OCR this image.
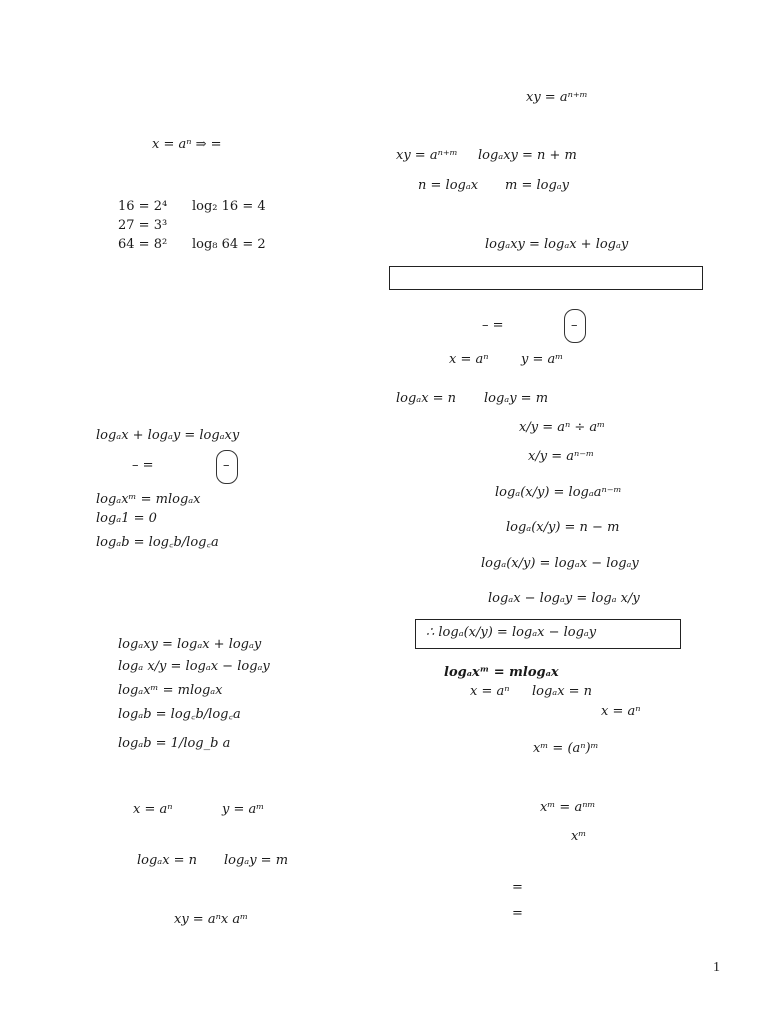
x = aⁿ ⇒ =
16 = 2⁴ log₂ 16 = 4
27 = 3³
64 = 8² log₈ 64 = 2
logₐx + logₐy = logₐxy
– =	–
logₐxᵐ = mlogₐx
logₐ1 = 0
logₐb = log꜀b/log꜀a
logₐxy = logₐx + logₐy
logₐ x/y = logₐx − logₐy
logₐxᵐ = mlogₐx
logₐb = log꜀b/log꜀a
logₐb = 1/log_b a
x = aⁿ	y = aᵐ
logₐx = n logₐy = m
xy = aⁿx aᵐ
xy = aⁿ⁺ᵐ
xy = aⁿ⁺ᵐ logₐxy = n + m
n = logₐx m = logₐy
logₐxy = logₐx + logₐy
– =	–
x = aⁿ y = aᵐ
logₐx = n logₐy = m
x/y = aⁿ ÷ aᵐ
x/y = aⁿ⁻ᵐ
logₐ(x/y) = logₐaⁿ⁻ᵐ
logₐ(x/y) = n − m
logₐ(x/y) = logₐx − logₐy
logₐx − logₐy = logₐ x/y
∴ logₐ(x/y) = logₐx − logₐy
logₐxᵐ = mlogₐx
x = aⁿ logₐx = n
x = aⁿ
xᵐ = (aⁿ)ᵐ
xᵐ = aⁿᵐ
xᵐ
=
=
1
